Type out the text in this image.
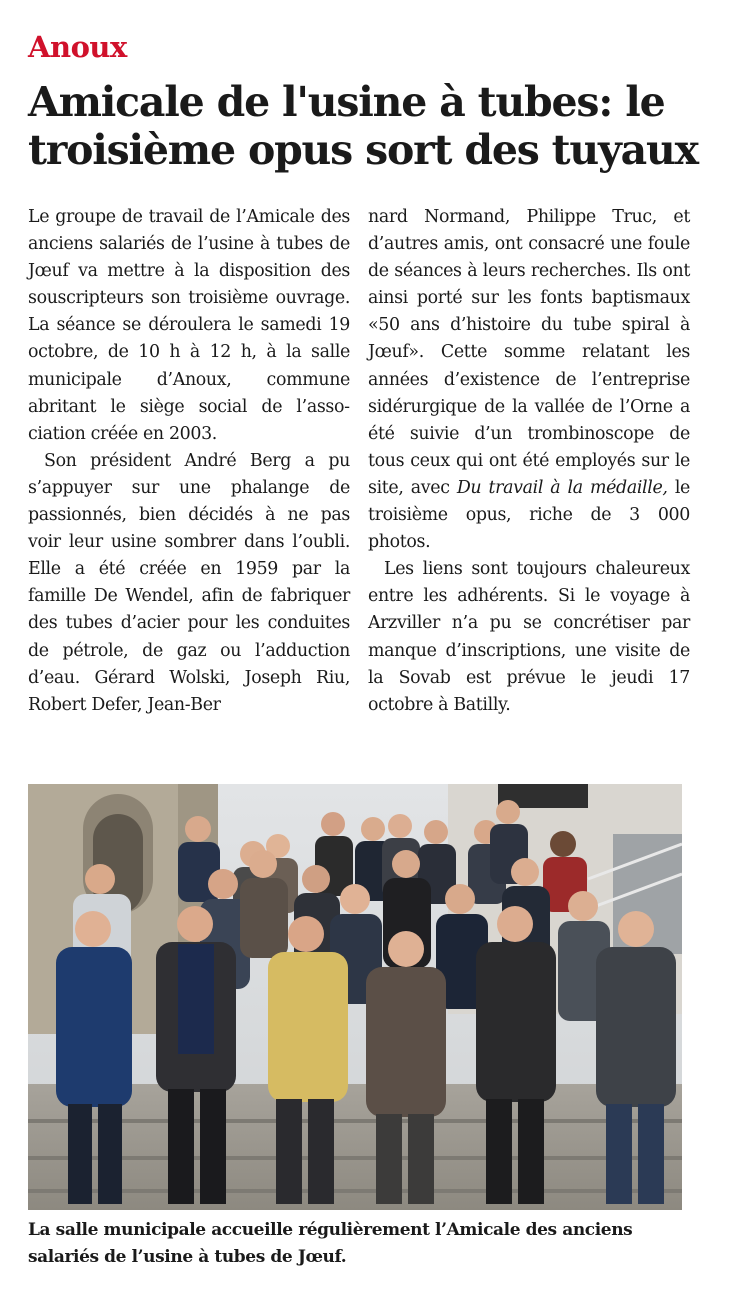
Anoux
Amicale de l'usine à tubes: le troisième opus sort des tuyaux

Le groupe de travail de l’Amicale des anciens salariés de l’usine à tubes de Jœuf va mettre à la disposition des souscripteurs son troisième ouvrage. La séance se déroulera le samedi 19 octobre, de 10 h à 12 h, à la salle municipale d’Anoux, commune abritant le siège social de l’association créée en 2003.

Son président André Berg a pu s’appuyer sur une phalange de passionnés, bien décidés à ne pas voir leur usine sombrer dans l’oubli. Elle a été créée en 1959 par la famille De Wendel, afin de fabriquer des tubes d’acier pour les conduites de pétrole, de gaz ou l’adduction d’eau. Gérard Wolski, Joseph Riu, Robert Defer, Jean-Ber

nard Normand, Philippe Truc, et d’autres amis, ont consacré une foule de séances à leurs recherches. Ils ont ainsi porté sur les fonts baptismaux «50 ans d’histoire du tube spiral à Jœuf». Cette somme relatant les années d’existence de l’entreprise sidérurgique de la vallée de l’Orne a été suivie d’un trombinoscope de tous ceux qui ont été employés sur le site, avec Du travail à la médaille, le troisième opus, riche de 3 000 photos.

Les liens sont toujours chaleureux entre les adhérents. Si le voyage à Arzviller n’a pu se concrétiser par manque d’inscriptions, une visite de la Sovab est prévue le jeudi 17 octobre à Batilly.

La salle municipale accueille régulièrement l’Amicale des anciens salariés de l’usine à tubes de Jœuf.
